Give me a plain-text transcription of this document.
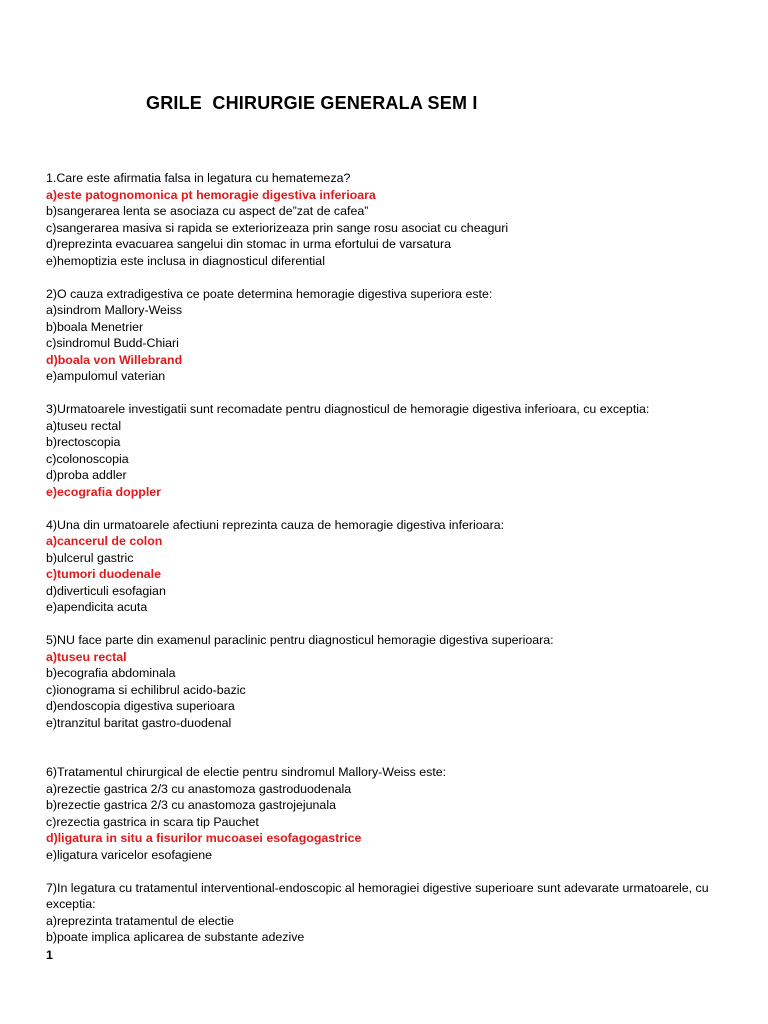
GRILE  CHIRURGIE GENERALA SEM I

1.Care este afirmatia falsa in legatura cu hematemeza?

a)este patognomonica pt hemoragie digestiva inferioara

b)sangerarea lenta se asociaza cu aspect de”zat de cafea”

c)sangerarea masiva si rapida se exteriorizeaza prin sange rosu asociat cu cheaguri

d)reprezinta evacuarea sangelui din stomac in urma efortului de varsatura

e)hemoptizia este inclusa in diagnosticul diferential

2)O cauza extradigestiva ce poate determina hemoragie digestiva superiora este:

a)sindrom Mallory-Weiss

b)boala Menetrier

c)sindromul Budd-Chiari

d)boala von Willebrand

e)ampulomul vaterian

3)Urmatoarele investigatii sunt recomadate pentru diagnosticul de hemoragie digestiva inferioara, cu exceptia:

a)tuseu rectal

b)rectoscopia

c)colonoscopia

d)proba addler

e)ecografia doppler

4)Una din urmatoarele afectiuni reprezinta cauza de hemoragie digestiva inferioara:

a)cancerul de colon

b)ulcerul gastric

c)tumori duodenale

d)diverticuli esofagian

e)apendicita acuta

5)NU face parte din examenul paraclinic pentru diagnosticul hemoragie digestiva superioara:

a)tuseu rectal

b)ecografia abdominala

c)ionograma si echilibrul acido-bazic

d)endoscopia digestiva superioara

e)tranzitul baritat gastro-duodenal

6)Tratamentul chirurgical de electie pentru sindromul Mallory-Weiss este:

a)rezectie gastrica 2/3 cu anastomoza gastroduodenala

b)rezectie gastrica 2/3 cu anastomoza gastrojejunala

c)rezectia gastrica in scara tip Pauchet

d)ligatura in situ a fisurilor mucoasei esofagogastrice

e)ligatura varicelor esofagiene

7)In legatura cu tratamentul interventional-endoscopic al hemoragiei digestive superioare sunt adevarate urmatoarele, cu exceptia:

a)reprezinta tratamentul de electie

b)poate implica aplicarea de substante adezive

1
